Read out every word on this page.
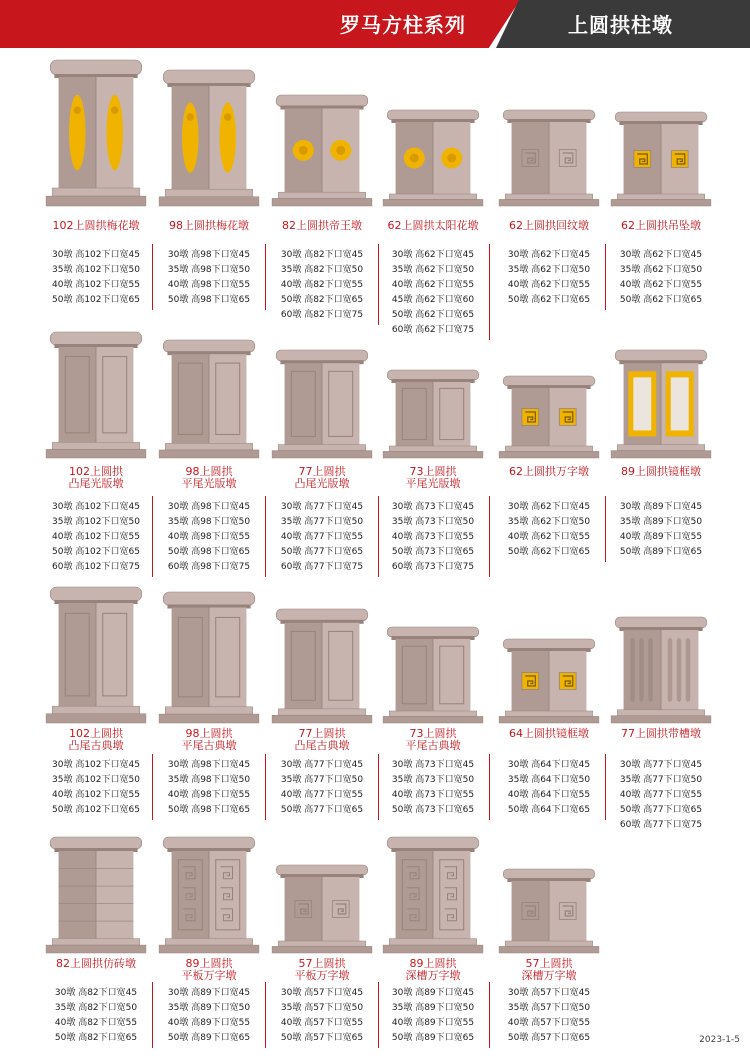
罗马方柱系列	上圆拱柱墩
102上圆拱梅花墩
30墩 高102下口宽45
35墩 高102下口宽50
40墩 高102下口宽55
50墩 高102下口宽65
98上圆拱梅花墩
30墩 高98下口宽45
35墩 高98下口宽50
40墩 高98下口宽55
50墩 高98下口宽65
82上圆拱帝王墩
30墩 高82下口宽45
35墩 高82下口宽50
40墩 高82下口宽55
50墩 高82下口宽65
60墩 高82下口宽75
62上圆拱太阳花墩
30墩 高62下口宽45
35墩 高62下口宽50
40墩 高62下口宽55
45墩 高62下口宽60
50墩 高62下口宽65
60墩 高62下口宽75
62上圆拱回纹墩
30墩 高62下口宽45
35墩 高62下口宽50
40墩 高62下口宽55
50墩 高62下口宽65
62上圆拱吊坠墩
30墩 高62下口宽45
35墩 高62下口宽50
40墩 高62下口宽55
50墩 高62下口宽65
102上圆拱
凸尾光版墩
30墩 高102下口宽45
35墩 高102下口宽50
40墩 高102下口宽55
50墩 高102下口宽65
60墩 高102下口宽75
98上圆拱
平尾光版墩
30墩 高98下口宽45
35墩 高98下口宽50
40墩 高98下口宽55
50墩 高98下口宽65
60墩 高98下口宽75
77上圆拱
凸尾光版墩
30墩 高77下口宽45
35墩 高77下口宽50
40墩 高77下口宽55
50墩 高77下口宽65
60墩 高77下口宽75
73上圆拱
平尾光版墩
30墩 高73下口宽45
35墩 高73下口宽50
40墩 高73下口宽55
50墩 高73下口宽65
60墩 高73下口宽75
62上圆拱万字墩
30墩 高62下口宽45
35墩 高62下口宽50
40墩 高62下口宽55
50墩 高62下口宽65
89上圆拱镜框墩
30墩 高89下口宽45
35墩 高89下口宽50
40墩 高89下口宽55
50墩 高89下口宽65
102上圆拱
凸尾古典墩
30墩 高102下口宽45
35墩 高102下口宽50
40墩 高102下口宽55
50墩 高102下口宽65
98上圆拱
平尾古典墩
30墩 高98下口宽45
35墩 高98下口宽50
40墩 高98下口宽55
50墩 高98下口宽65
77上圆拱
凸尾古典墩
30墩 高77下口宽45
35墩 高77下口宽50
40墩 高77下口宽55
50墩 高77下口宽65
73上圆拱
平尾古典墩
30墩 高73下口宽45
35墩 高73下口宽50
40墩 高73下口宽55
50墩 高73下口宽65
64上圆拱镜框墩
30墩 高64下口宽45
35墩 高64下口宽50
40墩 高64下口宽55
50墩 高64下口宽65
77上圆拱带槽墩
30墩 高77下口宽45
35墩 高77下口宽50
40墩 高77下口宽55
50墩 高77下口宽65
60墩 高77下口宽75
82上圆拱仿砖墩
30墩 高82下口宽45
35墩 高82下口宽50
40墩 高82下口宽55
50墩 高82下口宽65
89上圆拱
平板万字墩
30墩 高89下口宽45
35墩 高89下口宽50
40墩 高89下口宽55
50墩 高89下口宽65
57上圆拱
平板万字墩
30墩 高57下口宽45
35墩 高57下口宽50
40墩 高57下口宽55
50墩 高57下口宽65
89上圆拱
深槽万字墩
30墩 高89下口宽45
35墩 高89下口宽50
40墩 高89下口宽55
50墩 高89下口宽65
57上圆拱
深槽万字墩
30墩 高57下口宽45
35墩 高57下口宽50
40墩 高57下口宽55
50墩 高57下口宽65	2023-1-5
